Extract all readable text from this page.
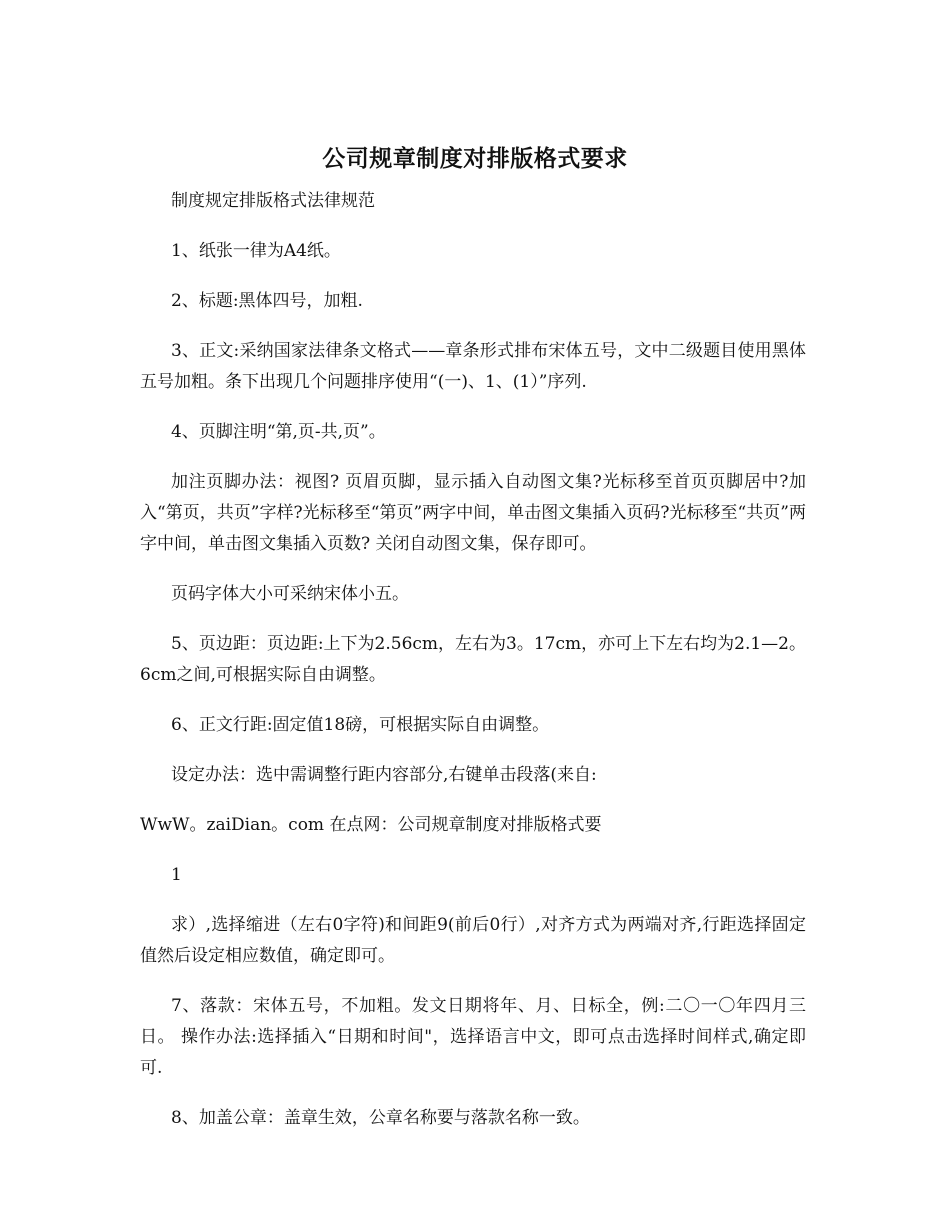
公司规章制度对排版格式要求

制度规定排版格式法律规范

1、纸张一律为A4纸。

2、标题:黑体四号，加粗.

3、正文:采纳国家法律条文格式——章条形式排布宋体五号，文中二级题目使用黑体五号加粗。条下出现几个问题排序使用“(一)、1、(1）”序列.

4、页脚注明“第,页-共,页”。

加注页脚办法：视图? 页眉页脚，显示插入自动图文集?光标移至首页页脚居中?加入“第页，共页”字样?光标移至“第页”两字中间，单击图文集插入页码?光标移至“共页”两字中间，单击图文集插入页数? 关闭自动图文集，保存即可。

页码字体大小可采纳宋体小五。

5、页边距：页边距:上下为2.56cm，左右为3。17cm，亦可上下左右均为2.1—2。6cm之间,可根据实际自由调整。

6、正文行距:固定值18磅，可根据实际自由调整。

设定办法：选中需调整行距内容部分,右键单击段落(来自:

WwW。zaiDian。com 在点网：公司规章制度对排版格式要

1

求）,选择缩进（左右0字符)和间距9(前后0行）,对齐方式为两端对齐,行距选择固定值然后设定相应数值，确定即可。

7、落款：宋体五号，不加粗。发文日期将年、月、日标全，例:二〇一〇年四月三日。 操作办法:选择插入“日期和时间"，选择语言中文，即可点击选择时间样式,确定即可.

8、加盖公章：盖章生效，公章名称要与落款名称一致。
